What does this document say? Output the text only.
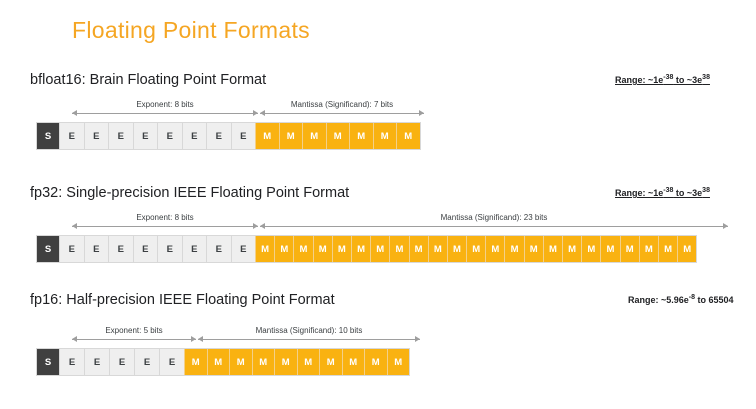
Floating Point Formats
bfloat16: Brain Floating Point Format	Range: $\sim 1e^{-38}$ to $\sim 3e^{38}$
Exponent: 8 bits	Mantissa (Significand): 7 bits
S	E	E	E	E	E	E	E	E	M	M	M	M	M	M	M
fp32: Single-precision IEEE Floating Point Format	Range: $\sim 1e^{-38}$ to $\sim 3e^{38}$
Exponent: 8 bits	Mantissa (Significand): 23 bits
S	E	E	E	E	E	E	E	E	M	M	M	M	M	M	M	M	M	M	M	M	M	M	M	M	M	M	M	M	M	M	M
fp16: Half-precision IEEE Floating Point Format	Range: $\sim 5.96e^{-8}$ to 65504
Exponent: 5 bits	Mantissa (Significand): 10 bits
S	E	E	E	E	E	M	M	M	M	M	M	M	M	M	M
